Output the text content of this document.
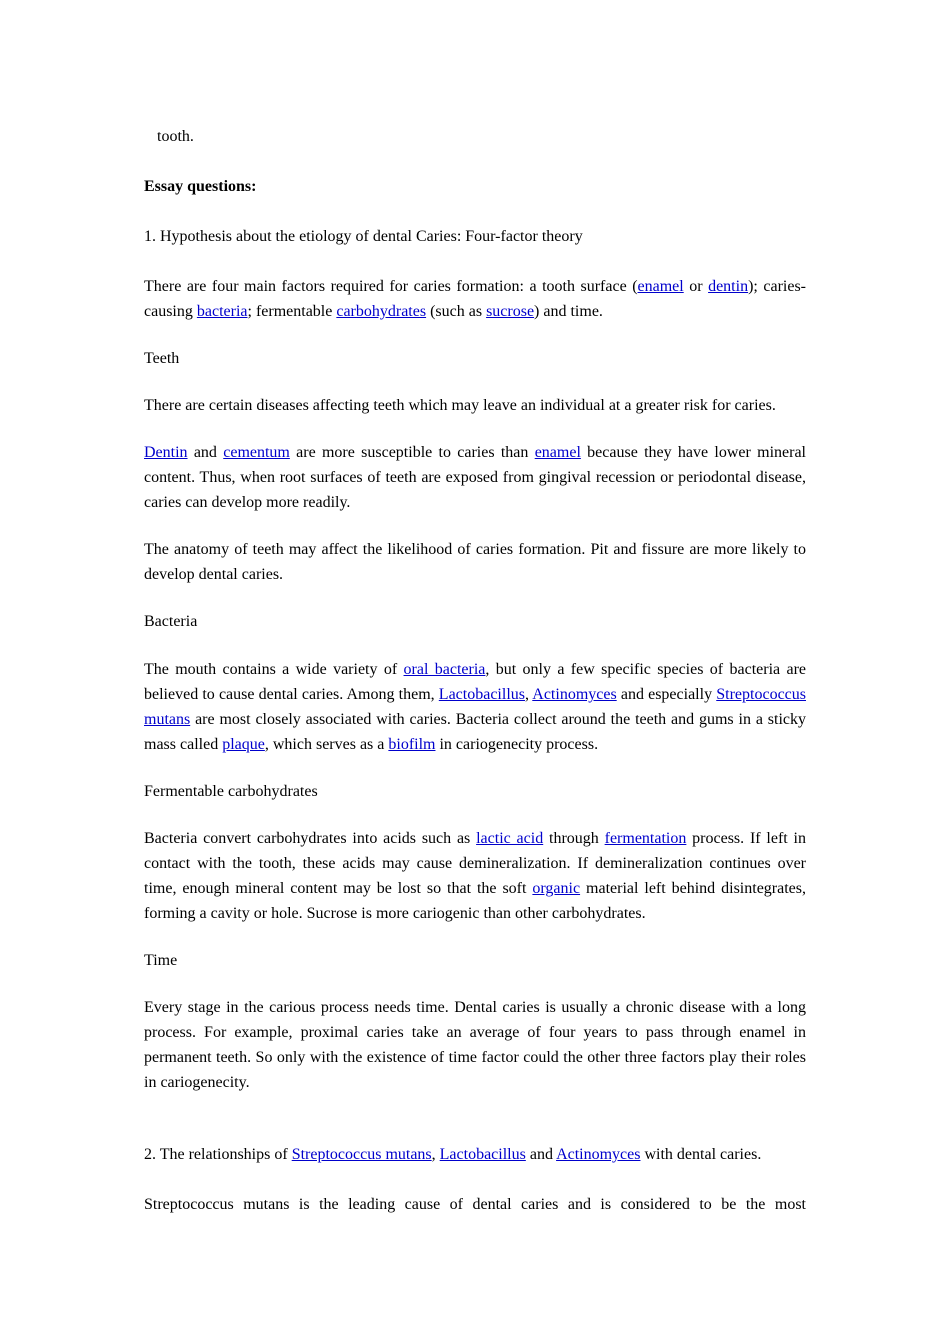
tooth.

Essay questions:

1. Hypothesis about the etiology of dental Caries: Four-factor theory

There are four main factors required for caries formation: a tooth surface (enamel or dentin); caries-causing bacteria; fermentable carbohydrates (such as sucrose) and time.

Teeth

There are certain diseases affecting teeth which may leave an individual at a greater risk for caries.

Dentin and cementum are more susceptible to caries than enamel because they have lower mineral content. Thus, when root surfaces of teeth are exposed from gingival recession or periodontal disease, caries can develop more readily.

The anatomy of teeth may affect the likelihood of caries formation. Pit and fissure are more likely to develop dental caries.

Bacteria

The mouth contains a wide variety of oral bacteria, but only a few specific species of bacteria are believed to cause dental caries. Among them, Lactobacillus, Actinomyces and especially Streptococcus mutans are most closely associated with caries. Bacteria collect around the teeth and gums in a sticky mass called plaque, which serves as a biofilm in cariogenecity process.

Fermentable carbohydrates

Bacteria convert carbohydrates into acids such as lactic acid through fermentation process. If left in contact with the tooth, these acids may cause demineralization. If demineralization continues over time, enough mineral content may be lost so that the soft organic material left behind disintegrates, forming a cavity or hole. Sucrose is more cariogenic than other carbohydrates.

Time

Every stage in the carious process needs time. Dental caries is usually a chronic disease with a long process. For example, proximal caries take an average of four years to pass through enamel in permanent teeth. So only with the existence of time factor could the other three factors play their roles in cariogenecity.

2. The relationships of Streptococcus mutans, Lactobacillus and Actinomyces with dental caries.

Streptococcus mutans is the leading cause of dental caries and is considered to be the most
